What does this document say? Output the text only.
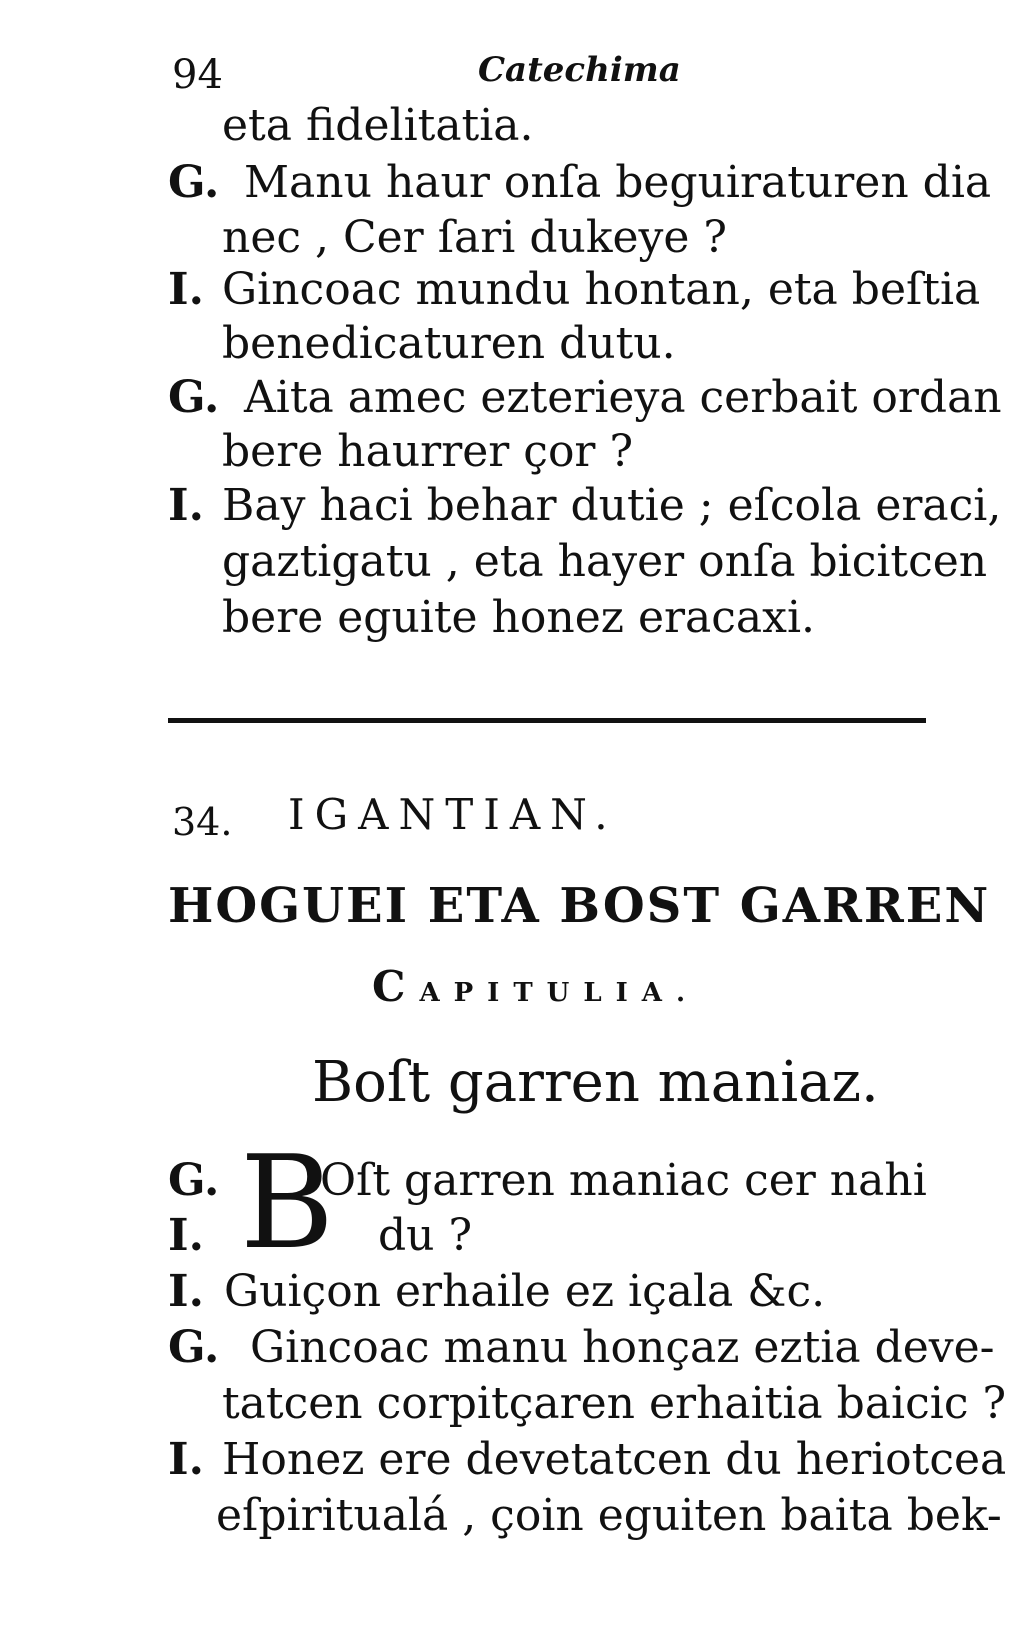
94	Catechima
eta fidelitatia.
G. Manu haur onſa beguiraturen dia
nec , Cer ſari dukeye ?
I. Gincoac mundu hontan, eta beſtia
benedicaturen dutu.
G. Aita amec ezterieya cerbait ordan
bere haurrer çor ?
I. Bay haci behar dutie ; eſcola eraci,
gaztigatu , eta hayer onſa bicitcen
bere eguite honez eracaxi.
34. IGANTIAN.
HOGUEI ETA BOST GARREN
CAPITULIA.
Boſt garren maniaz.
G.
I. B
Oſt garren maniac cer nahi
du ?
I. Guiçon erhaile ez içala &c.
G. Gincoac manu honçaz eztia deve-
tatcen corpitçaren erhaitia baicic ?
I. Honez ere devetatcen du heriotcea
eſpiritualá , çoin eguiten baita bek-
